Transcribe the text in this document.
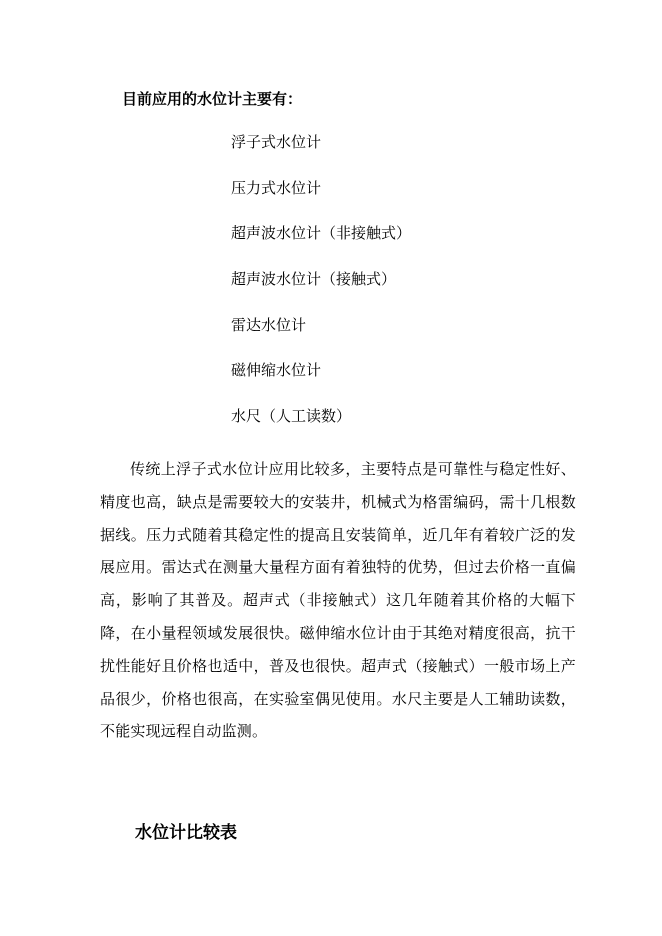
目前应用的水位计主要有：
浮子式水位计
压力式水位计
超声波水位计（非接触式）
超声波水位计（接触式）
雷达水位计
磁伸缩水位计
水尺（人工读数）

传统上浮子式水位计应用比较多，主要特点是可靠性与稳定性好、精度也高，缺点是需要较大的安装井，机械式为格雷编码，需十几根数据线。压力式随着其稳定性的提高且安装简单，近几年有着较广泛的发展应用。雷达式在测量大量程方面有着独特的优势，但过去价格一直偏高，影响了其普及。超声式（非接触式）这几年随着其价格的大幅下降，在小量程领域发展很快。磁伸缩水位计由于其绝对精度很高，抗干扰性能好且价格也适中，普及也很快。超声式（接触式）一般市场上产品很少，价格也很高，在实验室偶见使用。水尺主要是人工辅助读数，不能实现远程自动监测。

水位计比较表
